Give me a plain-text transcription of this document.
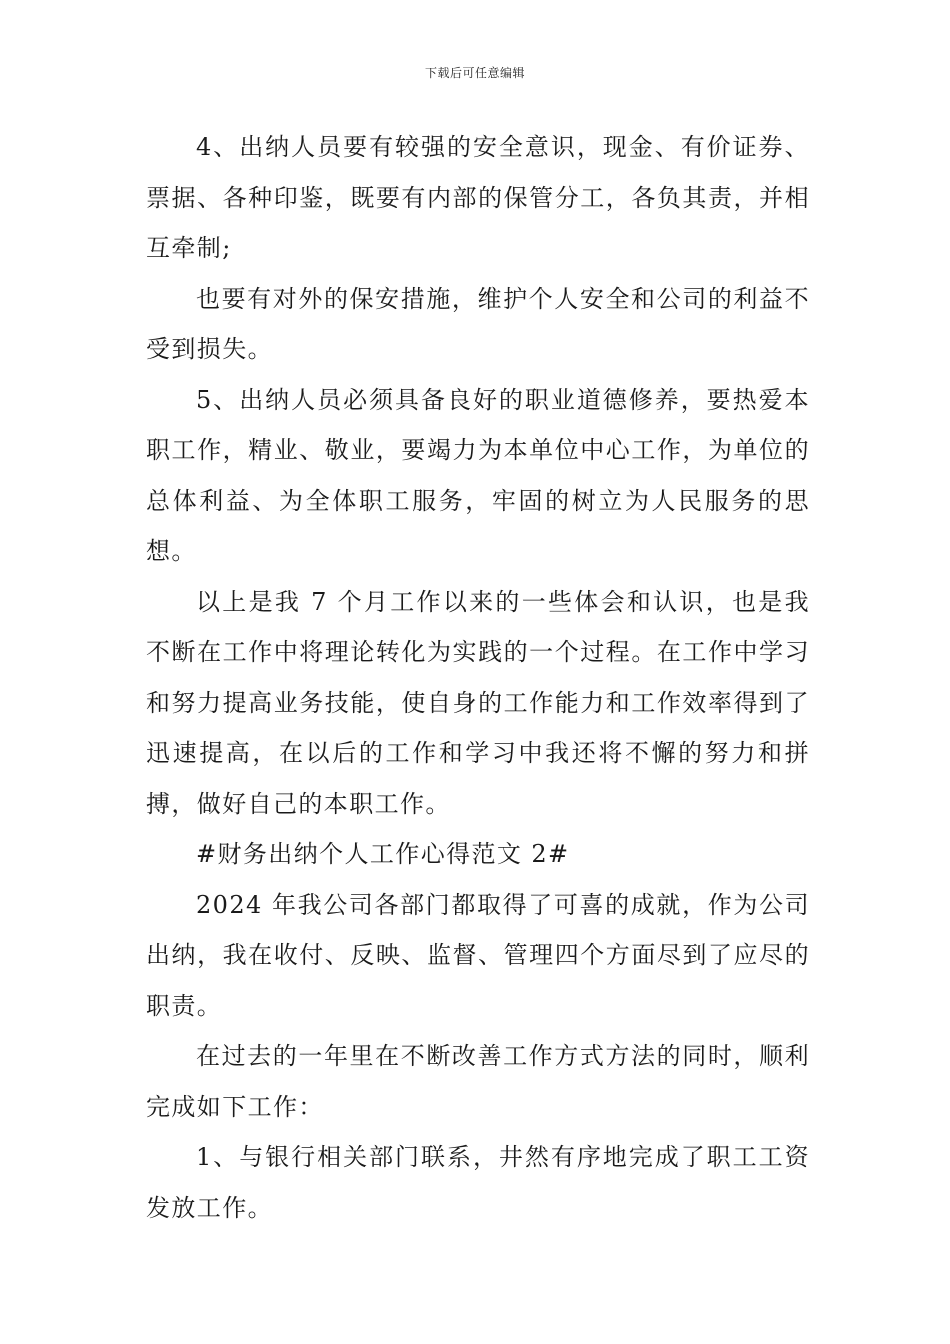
下载后可任意编辑

4、出纳人员要有较强的安全意识，现金、有价证券、票据、各种印鉴，既要有内部的保管分工，各负其责，并相互牵制;

也要有对外的保安措施，维护个人安全和公司的利益不受到损失。

5、出纳人员必须具备良好的职业道德修养，要热爱本职工作，精业、敬业，要竭力为本单位中心工作，为单位的总体利益、为全体职工服务，牢固的树立为人民服务的思想。

以上是我 7 个月工作以来的一些体会和认识，也是我不断在工作中将理论转化为实践的一个过程。在工作中学习和努力提高业务技能，使自身的工作能力和工作效率得到了迅速提高，在以后的工作和学习中我还将不懈的努力和拼搏，做好自己的本职工作。

#财务出纳个人工作心得范文 2#

2024 年我公司各部门都取得了可喜的成就，作为公司出纳，我在收付、反映、监督、管理四个方面尽到了应尽的职责。

在过去的一年里在不断改善工作方式方法的同时，顺利完成如下工作：

1、与银行相关部门联系，井然有序地完成了职工工资发放工作。
